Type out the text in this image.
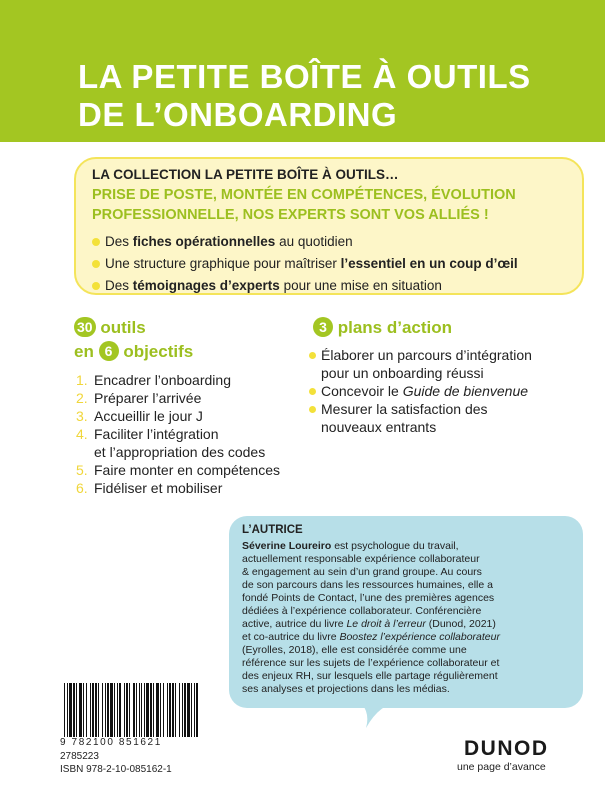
LA PETITE BOÎTE À OUTILS
DE L’ONBOARDING
LA COLLECTION LA PETITE BOÎTE À OUTILS…
PRISE DE POSTE, MONTÉE EN COMPÉTENCES, ÉVOLUTION
PROFESSIONNELLE, NOS EXPERTS SONT VOS ALLIÉS !
Des fiches opérationnelles au quotidien
Une structure graphique pour maîtriser l’essentiel en un coup d’œil
Des témoignages d’experts pour une mise en situation
30 outils
en 6 objectifs
1. Encadrer l’onboarding
2. Préparer l’arrivée
3. Accueillir le jour J
4. Faciliter l’intégration
et l’appropriation des codes
5. Faire monter en compétences
6. Fidéliser et mobiliser
3 plans d’action
Élaborer un parcours d’intégration
pour un onboarding réussi
Concevoir le Guide de bienvenue
Mesurer la satisfaction des
nouveaux entrants
L’AUTRICE
Séverine Loureiro est psychologue du travail,
actuellement responsable expérience collaborateur
& engagement au sein d’un grand groupe. Au cours
de son parcours dans les ressources humaines, elle a
fondé Points de Contact, l’une des premières agences
dédiées à l’expérience collaborateur. Conférencière
active, autrice du livre Le droit à l’erreur (Dunod, 2021)
et co-autrice du livre Boostez l’expérience collaborateur
(Eyrolles, 2018), elle est considérée comme une
référence sur les sujets de l’expérience collaborateur et
des enjeux RH, sur lesquels elle partage régulièrement
ses analyses et projections dans les médias.
9 782100 851621
2785223
ISBN 978-2-10-085162-1
DUNOD
une page d’avance
